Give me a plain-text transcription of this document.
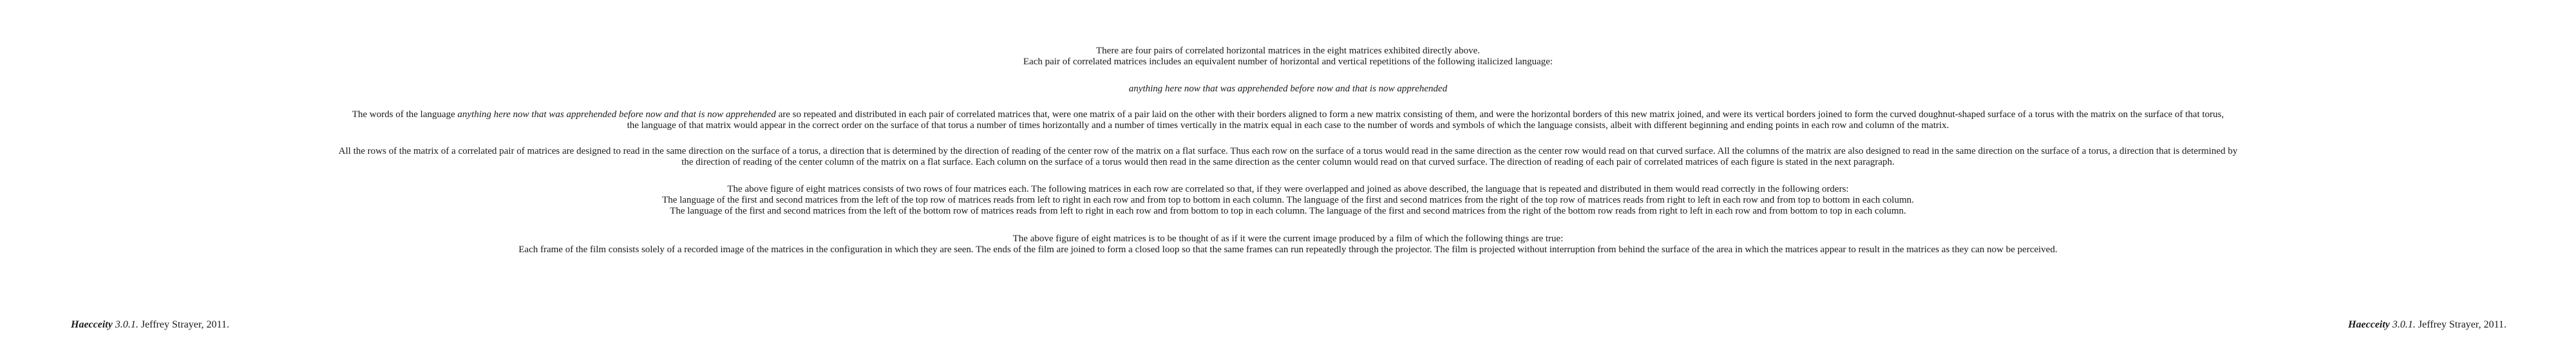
There are four pairs of correlated horizontal matrices in the eight matrices exhibited directly above.
Each pair of correlated matrices includes an equivalent number of horizontal and vertical repetitions of the following italicized language:
anything here now that was apprehended before now and that is now apprehended
The words of the language anything here now that was apprehended before now and that is now apprehended are so repeated and distributed in each pair of correlated matrices that, were one matrix of a pair laid on the other with their borders aligned to form a new matrix consisting of them, and were the horizontal borders of this new matrix joined, and were its vertical borders joined to form the curved doughnut-shaped surface of a torus with the matrix on the surface of that torus,
the language of that matrix would appear in the correct order on the surface of that torus a number of times horizontally and a number of times vertically in the matrix equal in each case to the number of words and symbols of which the language consists, albeit with different beginning and ending points in each row and column of the matrix.
All the rows of the matrix of a correlated pair of matrices are designed to read in the same direction on the surface of a torus, a direction that is determined by the direction of reading of the center row of the matrix on a flat surface. Thus each row on the surface of a torus would read in the same direction as the center row would read on that curved surface. All the columns of the matrix are also designed to read in the same direction on the surface of a torus, a direction that is determined by
the direction of reading of the center column of the matrix on a flat surface. Each column on the surface of a torus would then read in the same direction as the center column would read on that curved surface. The direction of reading of each pair of correlated matrices of each figure is stated in the next paragraph.
The above figure of eight matrices consists of two rows of four matrices each. The following matrices in each row are correlated so that, if they were overlapped and joined as above described, the language that is repeated and distributed in them would read correctly in the following orders:
The language of the first and second matrices from the left of the top row of matrices reads from left to right in each row and from top to bottom in each column. The language of the first and second matrices from the right of the top row of matrices reads from right to left in each row and from top to bottom in each column.
The language of the first and second matrices from the left of the bottom row of matrices reads from left to right in each row and from bottom to top in each column. The language of the first and second matrices from the right of the bottom row reads from right to left in each row and from bottom to top in each column.
The above figure of eight matrices is to be thought of as if it were the current image produced by a film of which the following things are true:
Each frame of the film consists solely of a recorded image of the matrices in the configuration in which they are seen. The ends of the film are joined to form a closed loop so that the same frames can run repeatedly through the projector. The film is projected without interruption from behind the surface of the area in which the matrices appear to result in the matrices as they can now be perceived.
Haecceity 3.0.1. Jeffrey Strayer, 2011.	Haecceity 3.0.1. Jeffrey Strayer, 2011.
